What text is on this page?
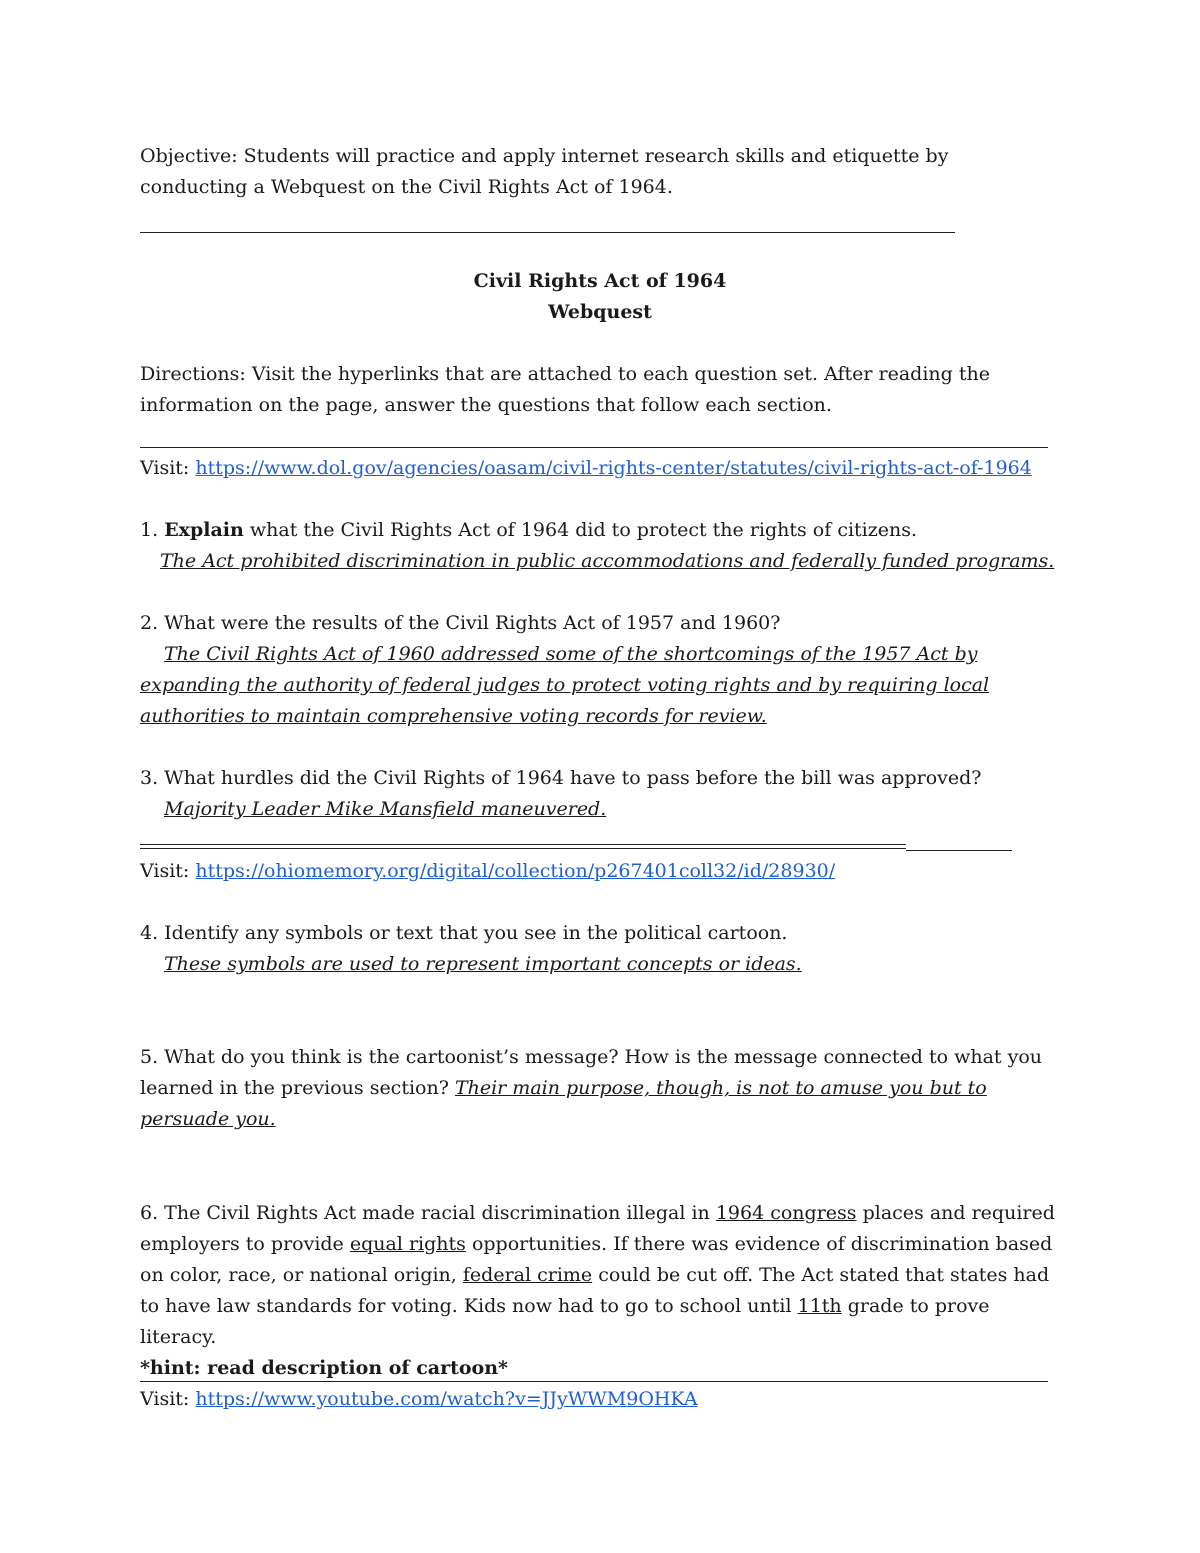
Objective: Students will practice and apply internet research skills and etiquette by conducting a Webquest on the Civil Rights Act of 1964.

Civil Rights Act of 1964

Webquest

Directions: Visit the hyperlinks that are attached to each question set. After reading the information on the page, answer the questions that follow each section.

Visit: https://www.dol.gov/agencies/oasam/civil-rights-center/statutes/civil-rights-act-of-1964

1. Explain what the Civil Rights Act of 1964 did to protect the rights of citizens.

The Act prohibited discrimination in public accommodations and federally funded programs.

2. What were the results of the Civil Rights Act of 1957 and 1960?

The Civil Rights Act of 1960 addressed some of the shortcomings of the 1957 Act by
expanding the authority of federal judges to protect voting rights and by requiring local
authorities to maintain comprehensive voting records for review.

3. What hurdles did the Civil Rights of 1964 have to pass before the bill was approved?

Majority Leader Mike Mansfield maneuvered.

Visit: https://ohiomemory.org/digital/collection/p267401coll32/id/28930/

4. Identify any symbols or text that you see in the political cartoon.

These symbols are used to represent important concepts or ideas.

5. What do you think is the cartoonist’s message? How is the message connected to what you learned in the previous section? Their main purpose, though, is not to amuse you but to persuade you.

6. The Civil Rights Act made racial discrimination illegal in 1964 congress places and required employers to provide equal rights opportunities. If there was evidence of discrimination based on color, race, or national origin, federal crime could be cut off. The Act stated that states had to have law standards for voting. Kids now had to go to school until 11th grade to prove literacy.
*hint: read description of cartoon*

Visit: https://www.youtube.com/watch?v=JJyWWM9OHKA
